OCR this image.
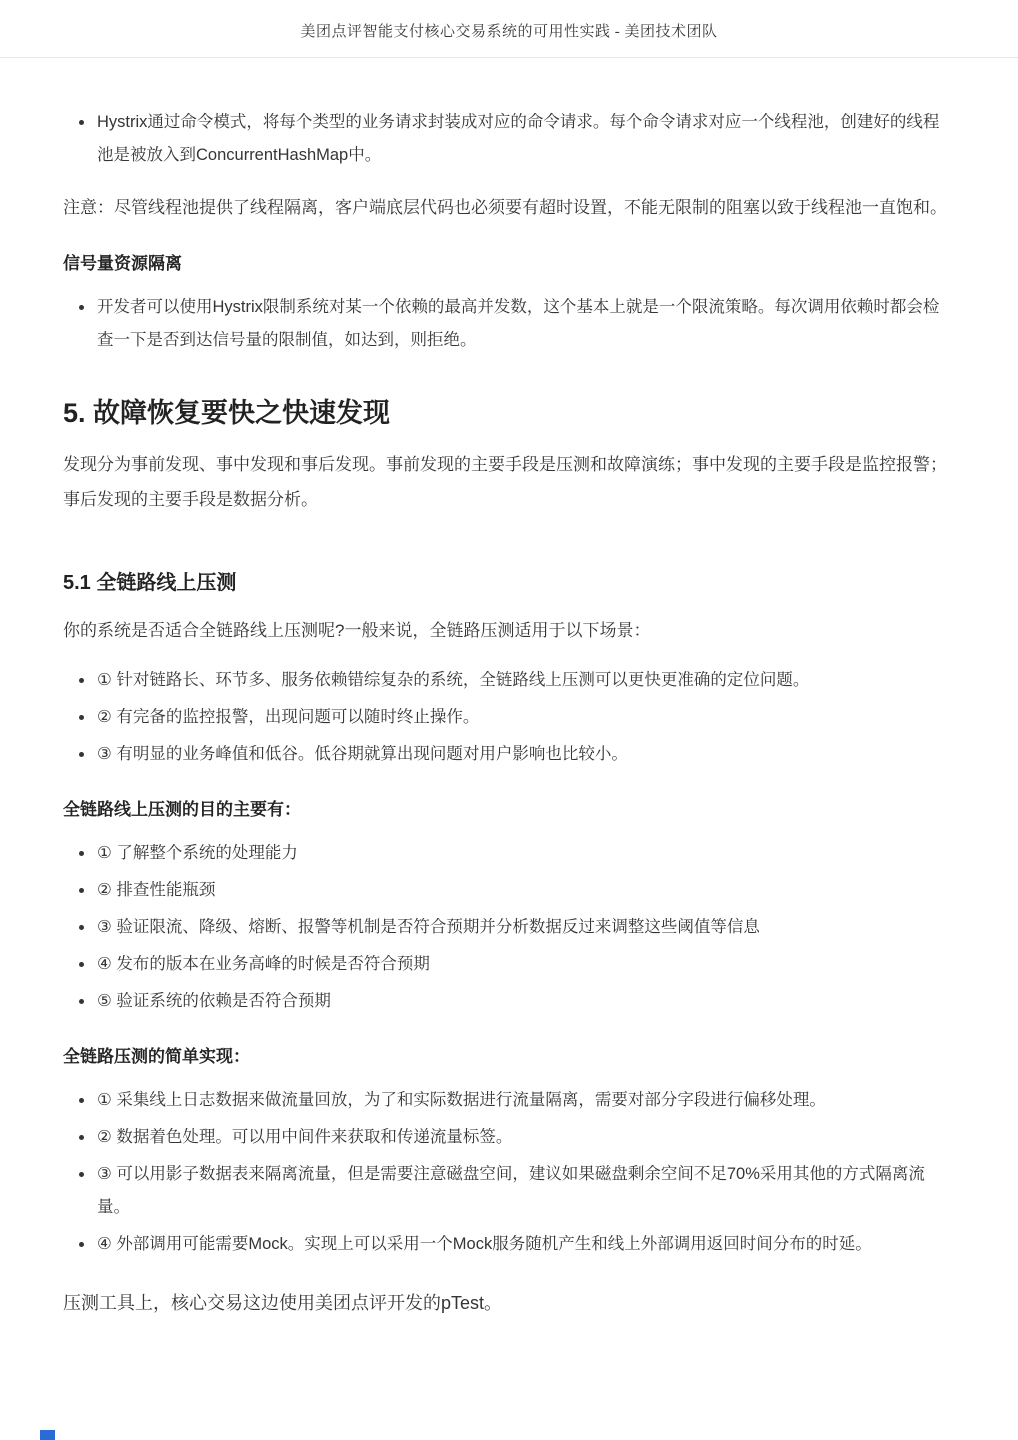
美团点评智能支付核心交易系统的可用性实践 - 美团技术团队
• Hystrix通过命令模式，将每个类型的业务请求封装成对应的命令请求。每个命令请求对应一个线程池，创建好的线程池是被放入到ConcurrentHashMap中。

注意：尽管线程池提供了线程隔离，客户端底层代码也必须要有超时设置，不能无限制的阻塞以致于线程池一直饱和。

信号量资源隔离
• 开发者可以使用Hystrix限制系统对某一个依赖的最高并发数，这个基本上就是一个限流策略。每次调用依赖时都会检查一下是否到达信号量的限制值，如达到，则拒绝。
5. 故障恢复要快之快速发现

发现分为事前发现、事中发现和事后发现。事前发现的主要手段是压测和故障演练；事中发现的主要手段是监控报警；事后发现的主要手段是数据分析。

5.1 全链路线上压测

你的系统是否适合全链路线上压测呢?一般来说，全链路压测适用于以下场景：

• ① 针对链路长、环节多、服务依赖错综复杂的系统，全链路线上压测可以更快更准确的定位问题。
• ② 有完备的监控报警，出现问题可以随时终止操作。
• ③ 有明显的业务峰值和低谷。低谷期就算出现问题对用户影响也比较小。
全链路线上压测的目的主要有：
• ① 了解整个系统的处理能力
• ② 排查性能瓶颈
• ③ 验证限流、降级、熔断、报警等机制是否符合预期并分析数据反过来调整这些阈值等信息
• ④ 发布的版本在业务高峰的时候是否符合预期
• ⑤ 验证系统的依赖是否符合预期
全链路压测的简单实现：
• ① 采集线上日志数据来做流量回放，为了和实际数据进行流量隔离，需要对部分字段进行偏移处理。
• ② 数据着色处理。可以用中间件来获取和传递流量标签。
• ③ 可以用影子数据表来隔离流量，但是需要注意磁盘空间，建议如果磁盘剩余空间不足70%采用其他的方式隔离流量。
• ④ 外部调用可能需要Mock。实现上可以采用一个Mock服务随机产生和线上外部调用返回时间分布的时延。

压测工具上，核心交易这边使用美团点评开发的pTest。
